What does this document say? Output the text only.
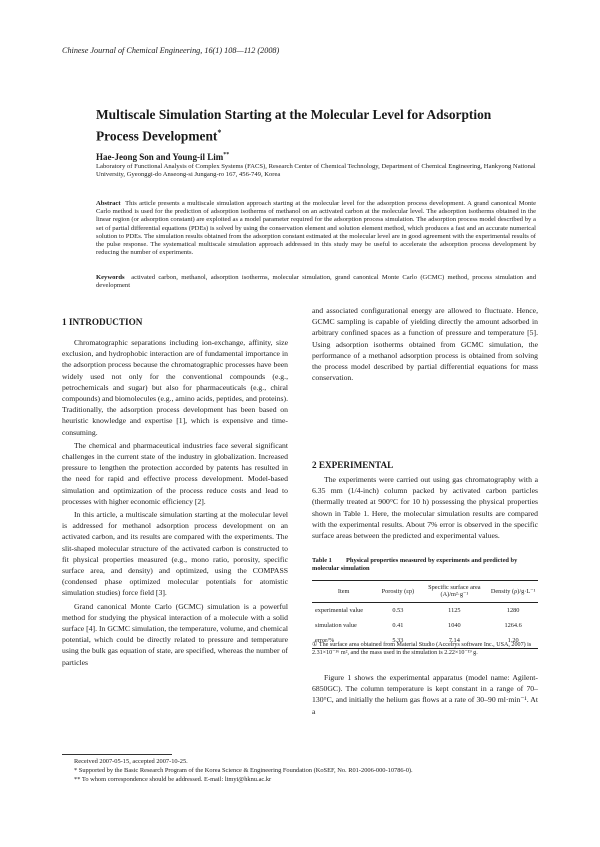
Chinese Journal of Chemical Engineering, 16(1) 108—112 (2008)
Multiscale Simulation Starting at the Molecular Level for Adsorption Process Development*
Hae-Jeong Son and Young-il Lim**
Laboratory of Functional Analysis of Complex Systems (FACS), Research Center of Chemical Technology, Department of Chemical Engineering, Hankyong National University, Gyeonggi-do Anseong-si Jungang-ro 167, 456-749, Korea
Abstract This article presents a multiscale simulation approach starting at the molecular level for the adsorption process development. A grand canonical Monte Carlo method is used for the prediction of adsorption isotherms of methanol on an activated carbon at the molecular level. The adsorption isotherms obtained in the linear region (or adsorption constant) are exploited as a model parameter required for the adsorption process simulation. The adsorption process model described by a set of partial differential equations (PDEs) is solved by using the conservation element and solution element method, which produces a fast and an accurate numerical solution to PDEs. The simulation results obtained from the adsorption constant estimated at the molecular level are in good agreement with the experimental results of the pulse response. The systematical multiscale simulation approach addressed in this study may be useful to accelerate the adsorption process development by reducing the number of experiments.
Keywords activated carbon, methanol, adsorption isotherms, molecular simulation, grand canonical Monte Carlo (GCMC) method, process simulation and development
1 INTRODUCTION

Chromatographic separations including ion-exchange, affinity, size exclusion, and hydrophobic interaction are of fundamental importance in the adsorption process because the chromatographic processes have been widely used not only for the conventional compounds (e.g., petrochemicals and sugar) but also for pharmaceuticals (e.g., chiral compounds) and biomolecules (e.g., amino acids, peptides, and proteins). Traditionally, the adsorption process development has been based on heuristic knowledge and expertise [1], which is expensive and time-consuming.

The chemical and pharmaceutical industries face several significant challenges in the current state of the industry in globalization. Increased pressure to lengthen the protection accorded by patents has resulted in the need for rapid and effective process development. Model-based simulation and optimization of the process reduce costs and lead to processes with higher economic efficiency [2].

In this article, a multiscale simulation starting at the molecular level is addressed for methanol adsorption process development on an activated carbon, and its results are compared with the experiments. The slit-shaped molecular structure of the activated carbon is constructed to fit physical properties measured (e.g., mono ratio, porosity, specific surface area, and density) and optimized, using the COMPASS (condensed phase optimized molecular potentials for atomistic simulation studies) force field [3].

Grand canonical Monte Carlo (GCMC) simulation is a powerful method for studying the physical interaction of a molecule with a solid surface [4]. In GCMC simulation, the temperature, volume, and chemical potential, which could be directly related to pressure and temperature using the bulk gas equation of state, are specified, whereas the number of particles

and associated configurational energy are allowed to fluctuate. Hence, GCMC sampling is capable of yielding directly the amount adsorbed in arbitrary confined spaces as a function of pressure and temperature [5]. Using adsorption isotherms obtained from GCMC simulation, the performance of a methanol adsorption process is obtained from solving the process model described by partial differential equations for mass conservation.

2 EXPERIMENTAL

The experiments were carried out using gas chromatography with a 6.35 mm (1/4-inch) column packed by activated carbon particles (thermally treated at 900°C for 10 h) possessing the physical properties shown in Table 1. Here, the molecular simulation results are compared with the experimental results. About 7% error is observed in the specific surface areas between the predicted and experimental values.

Table 1 Physical properties measured by experiments and predicted by molecular simulation
Item	Porosity (εp)	Specific surface area (A)/m²·g⁻¹	Density (ρ)/g·L⁻¹
experimental value	0.53	1125	1280
simulation value	0.41	1040	1264.6
error/%	5.33	7.14	1.20
① The surface area obtained from Material Studio (Accelrys software Inc., USA, 2007) is 2.31×10⁻¹⁶ m², and the mass used in the simulation is 2.22×10⁻¹⁹ g.

Figure 1 shows the experimental apparatus (model name: Agilent-6850GC). The column temperature is kept constant in a range of 70–130°C, and initially the helium gas flows at a rate of 30–90 ml·min⁻¹. At a

Received 2007-05-15, accepted 2007-10-25.
* Supported by the Basic Research Program of the Korea Science & Engineering Foundation (KoSEF, No. R01-2006-000-10786-0).
** To whom correspondence should be addressed. E-mail: limyi@hknu.ac.kr
